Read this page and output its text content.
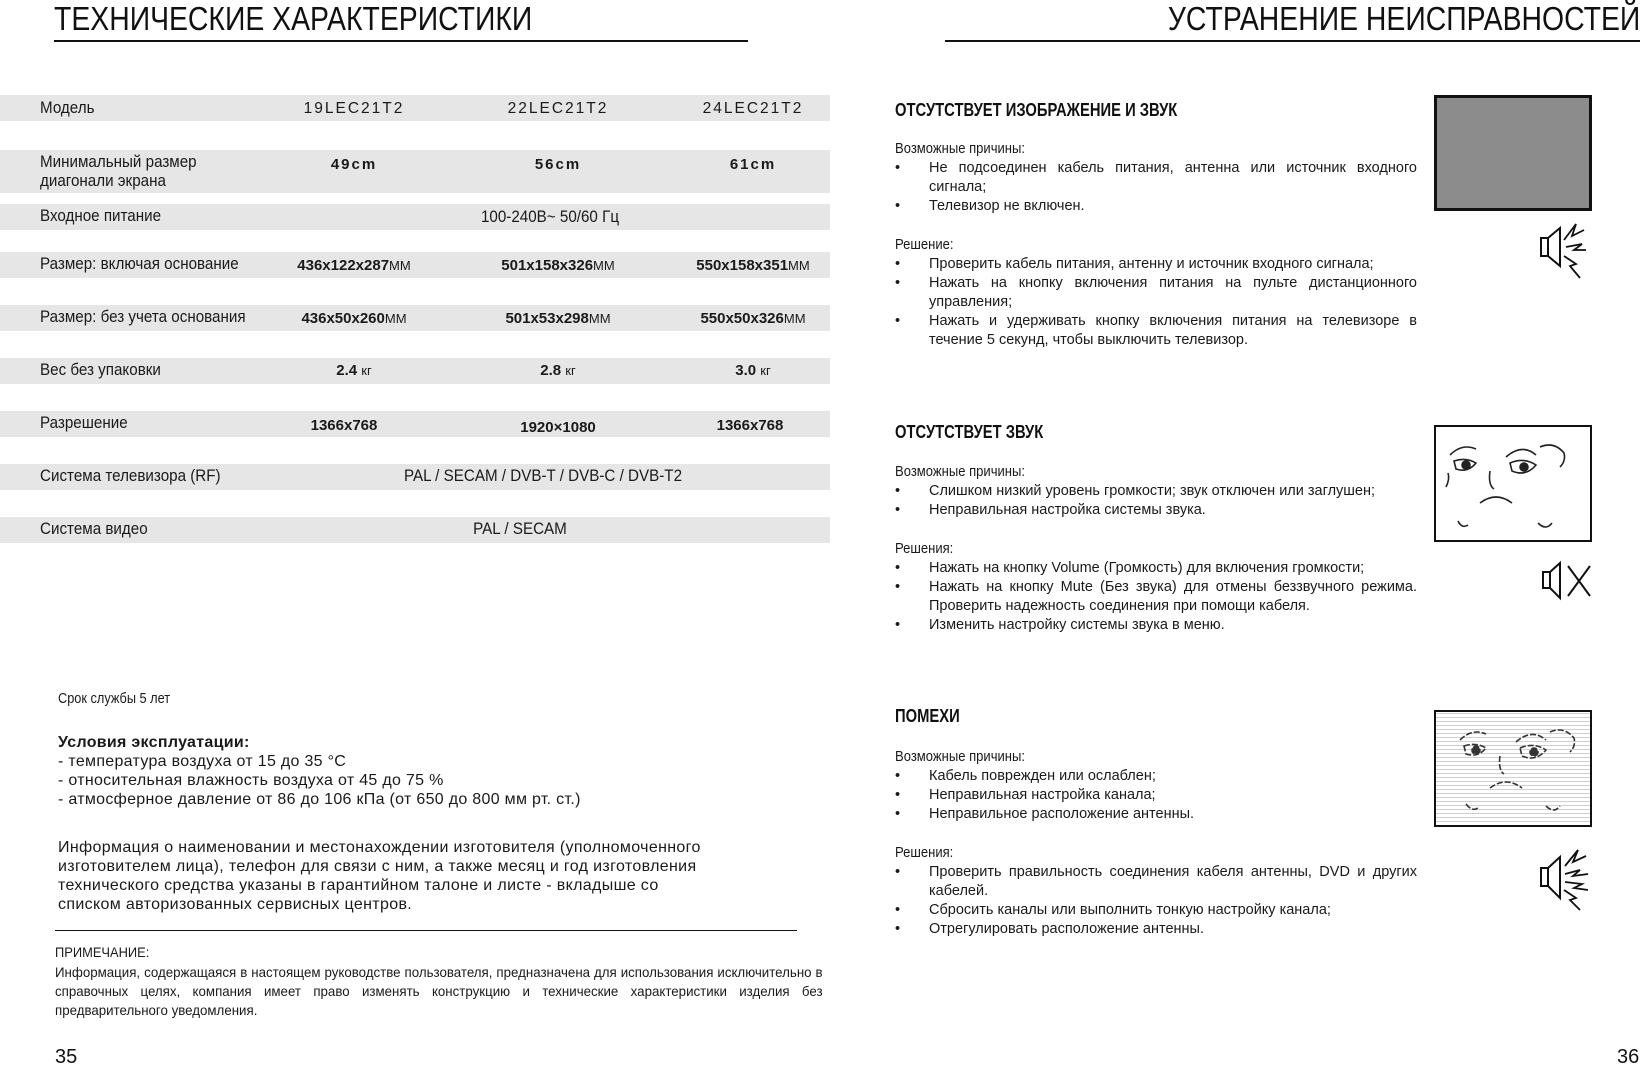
ТЕХНИЧЕСКИЕ ХАРАКТЕРИСТИКИ
Модель	19LEC21T2	22LEC21T2	24LEC21T2
Минимальный размер
диагонали экрана
49cm	56cm	61cm
Входное питание	100-240В~ 50/60 Гц
Размер: включая основание	436x122x287ММ	501x158x326ММ	550x158x351ММ
Размер: без учета основания	436x50x260ММ	501x53x298ММ	550x50x326ММ
Вес без упаковки	2.4 кг	2.8 кг	3.0 кг
Разрешение	1366x768	1920×1080	1366x768
Система телевизора (RF)	PAL / SECAM / DVB-T / DVB-C / DVB-T2
Система видео	PAL / SECAM
Срок службы 5 лет
Условия эксплуатации:
- температура воздуха от 15 до 35 °С
- относительная влажность воздуха от 45 до 75 %
- атмосферное давление от 86 до 106 кПа (от 650 до 800 мм рт. ст.)
Информация о наименовании и местонахождении изготовителя (уполномоченного
изготовителем лица), телефон для связи с ним, а также месяц и год изготовления
технического средства указаны в гарантийном талоне и листе - вкладыше со
списком авторизованных сервисных центров.
ПРИМЕЧАНИЕ:
Информация, содержащаяся в настоящем руководстве пользователя, предназначена для использования исключительно в справочных целях, компания имеет право изменять конструкцию и технические характеристики изделия без предварительного уведомления.
35
УСТРАНЕНИЕ НЕИСПРАВНОСТЕЙ
ОТСУТСТВУЕТ ИЗОБРАЖЕНИЕ И ЗВУК
Возможные причины:
• Не подсоединен кабель питания, антенна или источник входного сигнала;
• Телевизор не включен.
Решение:
• Проверить кабель питания, антенну и источник входного сигнала;
• Нажать на кнопку включения питания на пульте дистанционного управления;
• Нажать и удерживать кнопку включения питания на телевизоре в течение 5 секунд, чтобы выключить телевизор.
ОТСУТСТВУЕТ ЗВУК
Возможные причины:
• Слишком низкий уровень громкости; звук отключен или заглушен;
• Неправильная настройка системы звука.
Решения:
• Нажать на кнопку Volume (Громкость) для включения громкости;
• Нажать на кнопку Mute (Без звука) для отмены беззвучного режима. Проверить надежность соединения при помощи кабеля.
• Изменить настройку системы звука в меню.
ПОМЕХИ
Возможные причины:
• Кабель поврежден или ослаблен;
• Неправильная настройка канала;
• Неправильное расположение антенны.
Решения:
• Проверить правильность соединения кабеля антенны, DVD и других кабелей.
• Сбросить каналы или выполнить тонкую настройку канала;
• Отрегулировать расположение антенны.
36
